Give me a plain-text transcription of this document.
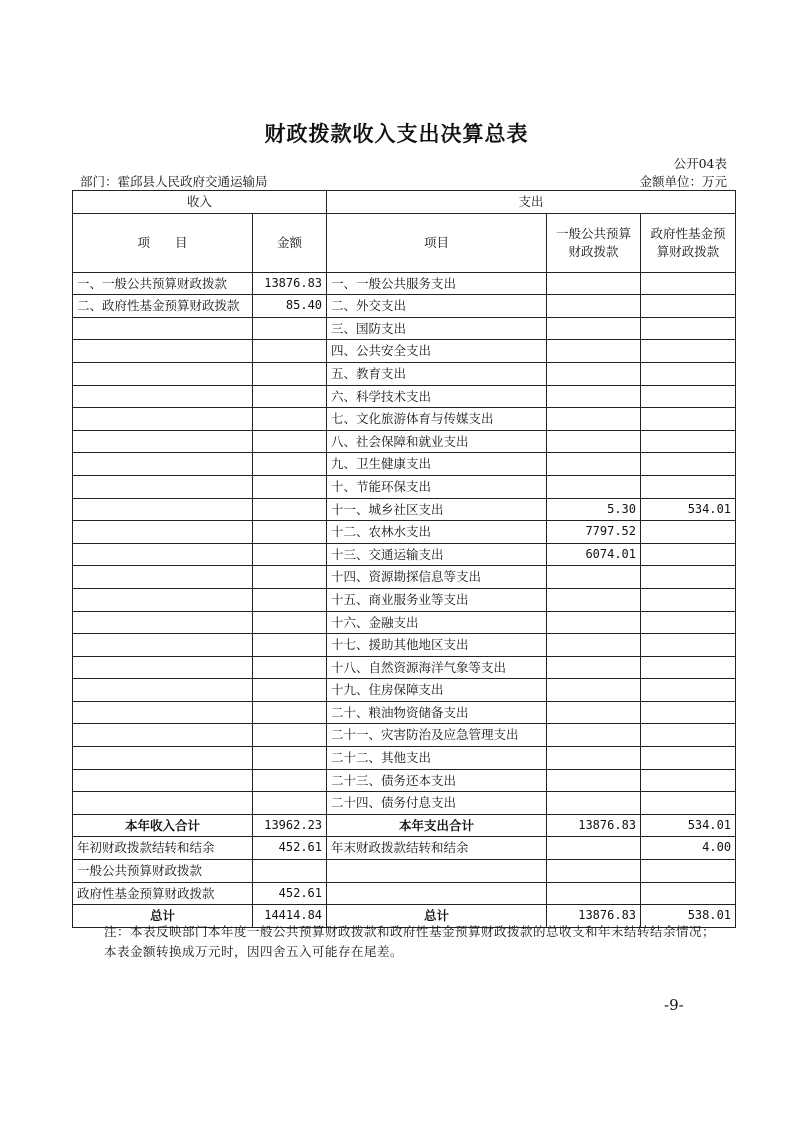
财政拨款收入支出决算总表
公开04表
部门：霍邱县人民政府交通运输局	金额单位：万元
收入		支出		
项　　目	金额	项目	一般公共预算财政拨款	政府性基金预算财政拨款
一、一般公共预算财政拨款	13876.83	一、一般公共服务支出		
二、政府性基金预算财政拨款	85.40	二、外交支出		
		三、国防支出		
		四、公共安全支出		
		五、教育支出		
		六、科学技术支出		
		七、文化旅游体育与传媒支出		
		八、社会保障和就业支出		
		九、卫生健康支出		
		十、节能环保支出		
		十一、城乡社区支出	5.30	534.01
		十二、农林水支出	7797.52	
		十三、交通运输支出	6074.01	
		十四、资源勘探信息等支出		
		十五、商业服务业等支出		
		十六、金融支出		
		十七、援助其他地区支出		
		十八、自然资源海洋气象等支出		
		十九、住房保障支出		
		二十、粮油物资储备支出		
		二十一、灾害防治及应急管理支出		
		二十二、其他支出		
		二十三、债务还本支出		
		二十四、债务付息支出		
本年收入合计	13962.23	本年支出合计	13876.83	534.01
年初财政拨款结转和结余	452.61	年末财政拨款结转和结余		4.00
一般公共预算财政拨款				
政府性基金预算财政拨款	452.61			
总计	14414.84	总计	13876.83	538.01
注：本表反映部门本年度一般公共预算财政拨款和政府性基金预算财政拨款的总收支和年末结转结余情况；本表金额转换成万元时，因四舍五入可能存在尾差。
-9-
